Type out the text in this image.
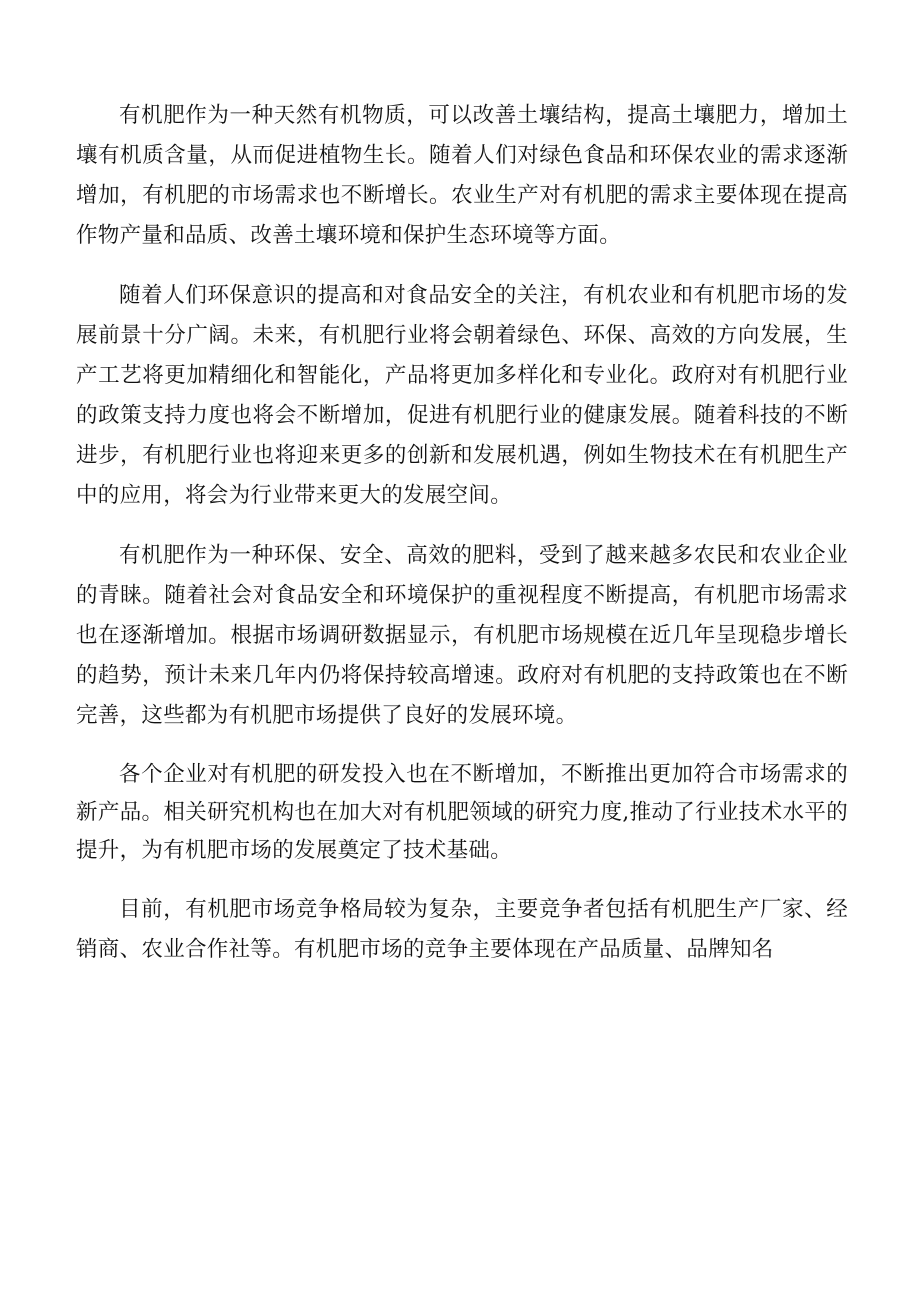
有机肥作为一种天然有机物质，可以改善土壤结构，提高土壤肥力，增加土壤有机质含量，从而促进植物生长。随着人们对绿色食品和环保农业的需求逐渐增加，有机肥的市场需求也不断增长。农业生产对有机肥的需求主要体现在提高作物产量和品质、改善土壤环境和保护生态环境等方面。

随着人们环保意识的提高和对食品安全的关注，有机农业和有机肥市场的发展前景十分广阔。未来，有机肥行业将会朝着绿色、环保、高效的方向发展，生产工艺将更加精细化和智能化，产品将更加多样化和专业化。政府对有机肥行业的政策支持力度也将会不断增加，促进有机肥行业的健康发展。随着科技的不断进步，有机肥行业也将迎来更多的创新和发展机遇，例如生物技术在有机肥生产中的应用，将会为行业带来更大的发展空间。

有机肥作为一种环保、安全、高效的肥料，受到了越来越多农民和农业企业的青睐。随着社会对食品安全和环境保护的重视程度不断提高，有机肥市场需求也在逐渐增加。根据市场调研数据显示，有机肥市场规模在近几年呈现稳步增长的趋势，预计未来几年内仍将保持较高增速。政府对有机肥的支持政策也在不断完善，这些都为有机肥市场提供了良好的发展环境。

各个企业对有机肥的研发投入也在不断增加，不断推出更加符合市场需求的新产品。相关研究机构也在加大对有机肥领域的研究力度,推动了行业技术水平的提升，为有机肥市场的发展奠定了技术基础。

目前，有机肥市场竞争格局较为复杂，主要竞争者包括有机肥生产厂家、经销商、农业合作社等。有机肥市场的竞争主要体现在产品质量、品牌知名
